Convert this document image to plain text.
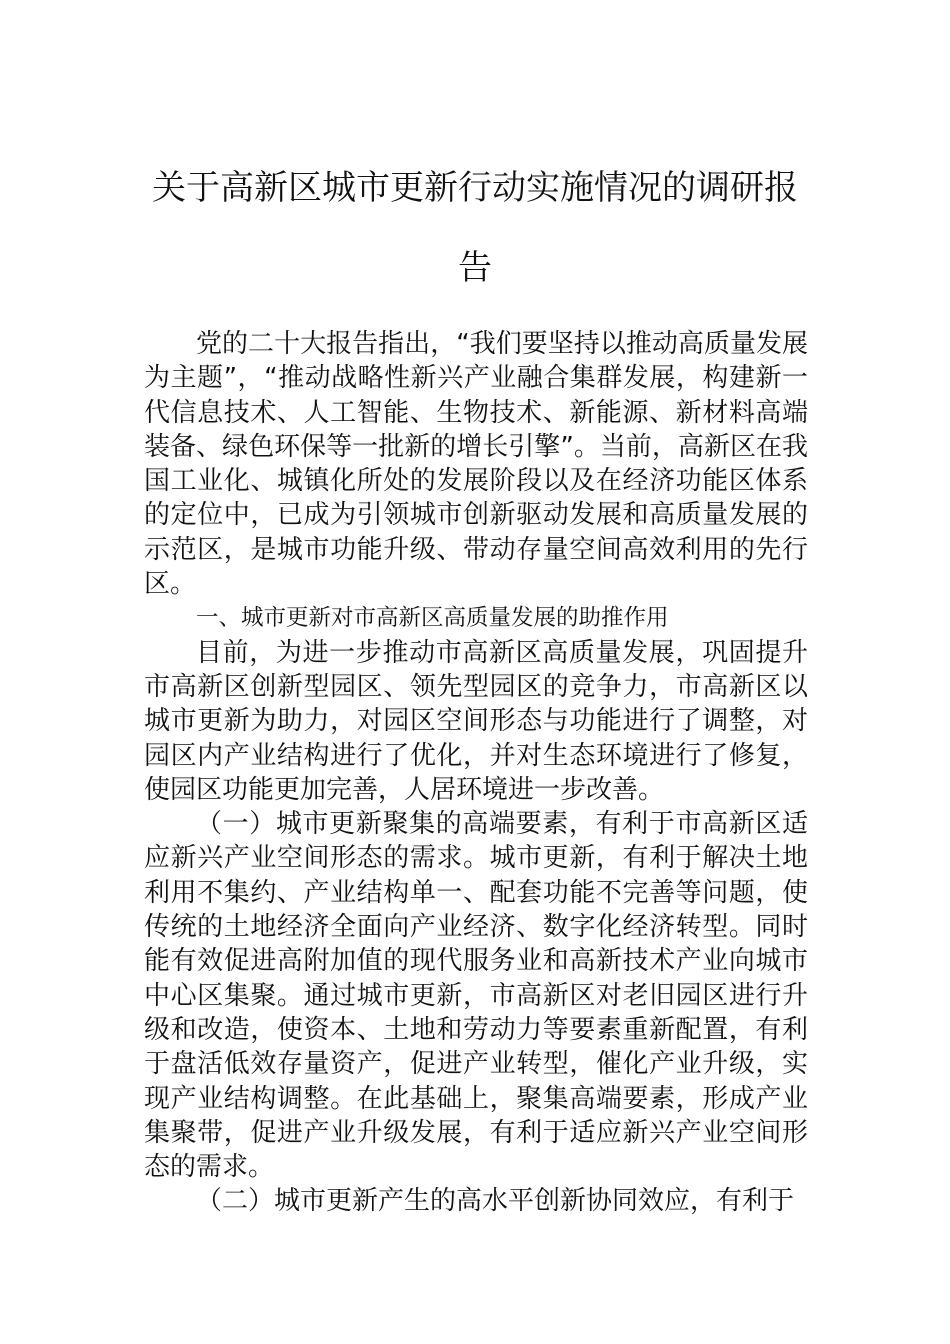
关于高新区城市更新行动实施情况的调研报告

党的二十大报告指出，“我们要坚持以推动高质量发展为主题”，“推动战略性新兴产业融合集群发展，构建新一代信息技术、人工智能、生物技术、新能源、新材料高端装备、绿色环保等一批新的增长引擎”。当前，高新区在我国工业化、城镇化所处的发展阶段以及在经济功能区体系的定位中，已成为引领城市创新驱动发展和高质量发展的示范区，是城市功能升级、带动存量空间高效利用的先行区。

一、城市更新对市高新区高质量发展的助推作用

目前，为进一步推动市高新区高质量发展，巩固提升市高新区创新型园区、领先型园区的竞争力，市高新区以城市更新为助力，对园区空间形态与功能进行了调整，对园区内产业结构进行了优化，并对生态环境进行了修复，使园区功能更加完善，人居环境进一步改善。

（一）城市更新聚集的高端要素，有利于市高新区适应新兴产业空间形态的需求。城市更新，有利于解决土地利用不集约、产业结构单一、配套功能不完善等问题，使传统的土地经济全面向产业经济、数字化经济转型。同时能有效促进高附加值的现代服务业和高新技术产业向城市中心区集聚。通过城市更新，市高新区对老旧园区进行升级和改造，使资本、土地和劳动力等要素重新配置，有利于盘活低效存量资产，促进产业转型，催化产业升级，实现产业结构调整。在此基础上，聚集高端要素，形成产业集聚带，促进产业升级发展，有利于适应新兴产业空间形态的需求。

（二）城市更新产生的高水平创新协同效应，有利于
